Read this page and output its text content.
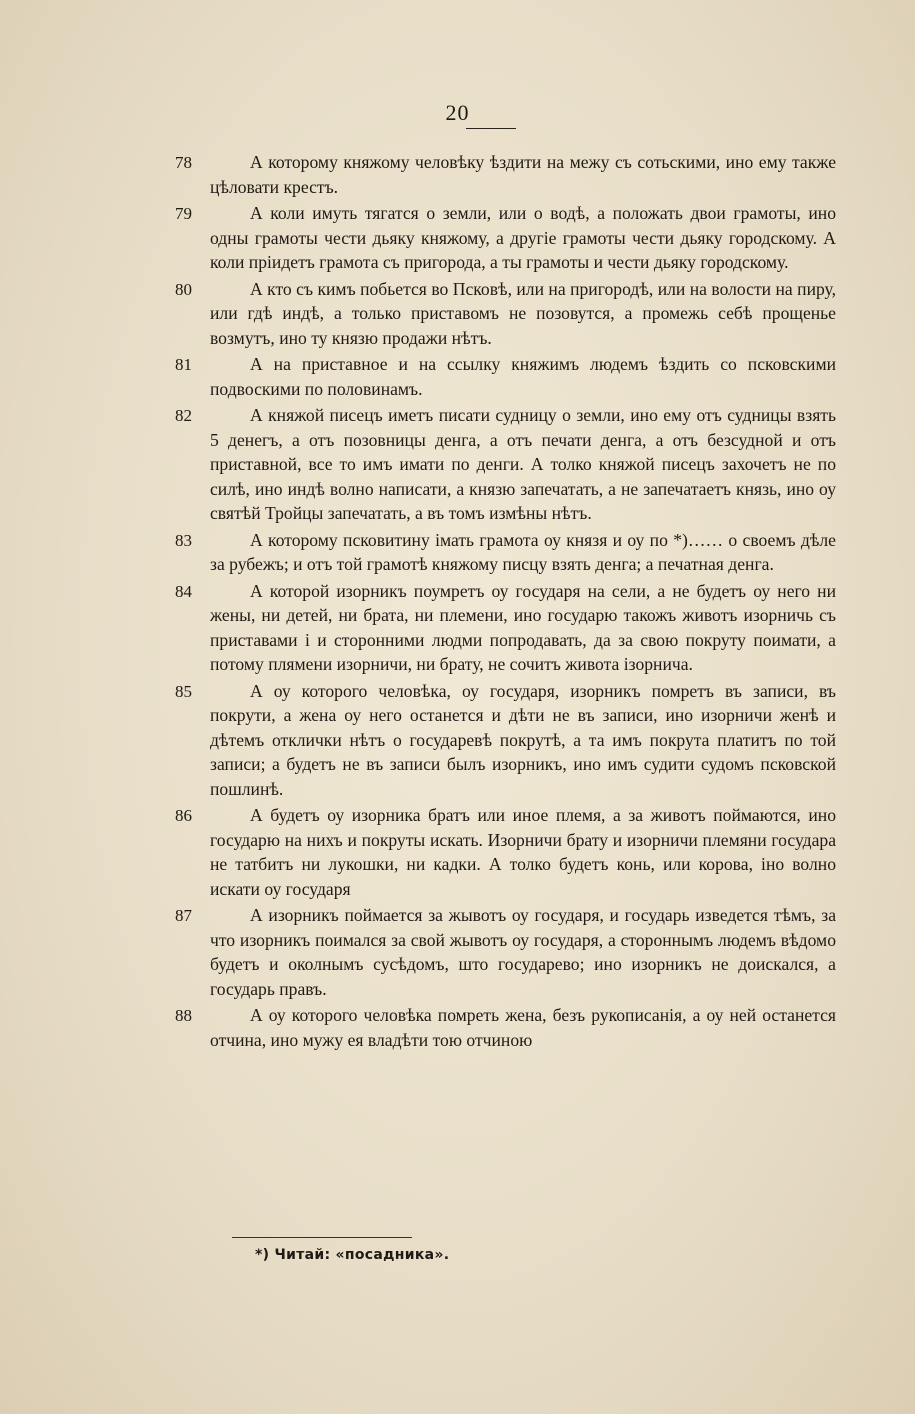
20
78	А которому княжому человѣку ѣздити на межу съ сотьскими, ино ему также цѣловати крестъ.
79	А коли имуть тягатся о земли, или о водѣ, а положать двои грамоты, ино одны грамоты чести дьяку княжому, а другіе грамоты чести дьяку городскому. А коли пріидетъ грамота съ пригорода, а ты грамоты и чести дьяку городскому.
80	А кто съ кимъ побьется во Псковѣ, или на пригородѣ, или на волости на пиру, или гдѣ индѣ, а только приставомъ не позовутся, а промежь себѣ прощенье возмутъ, ино ту князю продажи нѣтъ.
81	А на приставное и на ссылку княжимъ людемъ ѣздить со псковскими подвоскими по половинамъ.
82	А княжой писецъ иметъ писати судницу о земли, ино ему отъ судницы взять 5 денегъ, а отъ позовницы денга, а отъ печати денга, а отъ безсудной и отъ приставной, все то имъ имати по денги. А толко княжой писецъ захочетъ не по силѣ, ино индѣ волно написати, а князю запечатать, а не запечатаетъ князь, ино оу святѣй Тройцы запечатать, а въ томъ измѣны нѣтъ.
83	А которому псковитину імать грамота оу князя и оу по *)…… о своемъ дѣле за рубежъ; и отъ той грамотѣ княжому писцу взять денга; а печатная денга.
84	А которой изорникъ поумретъ оу государя на сели, а не будетъ оу него ни жены, ни детей, ни брата, ни племени, ино государю такожъ животъ изорничь съ приставами і и сторонними людми попродавать, да за свою покруту поимати, а потому плямени изорничи, ни брату, не сочитъ живота ізорнича.
85	А оу которого человѣка, оу государя, изорникъ помретъ въ записи, въ покрути, а жена оу него останется и дѣти не въ записи, ино изорничи женѣ и дѣтемъ отклички нѣтъ о государевѣ покрутѣ, а та имъ покрута платитъ по той записи; а будетъ не въ записи былъ изорникъ, ино имъ судити судомъ псковской пошлинѣ.
86	А будетъ оу изорника братъ или иное племя, а за животъ поймаются, ино государю на нихъ и покруты искать. Изорничи брату и изорничи племяни государа не татбитъ ни лукошки, ни кадки. А толко будетъ конь, или корова, іно волно искати оу государя
87	А изорникъ поймается за жывотъ оу государя, и государь изведется тѣмъ, за что изорникъ поимался за свой жывотъ оу государя, а стороннымъ людемъ вѣдомо будетъ и околнымъ сусѣдомъ, што государево; ино изорникъ не доискался, а государь правъ.
88	А оу которого человѣка помреть жена, безъ рукописанія, а оу ней останется отчина, ино мужу ея владѣти тою отчиною
*) Читай: «посадника».
